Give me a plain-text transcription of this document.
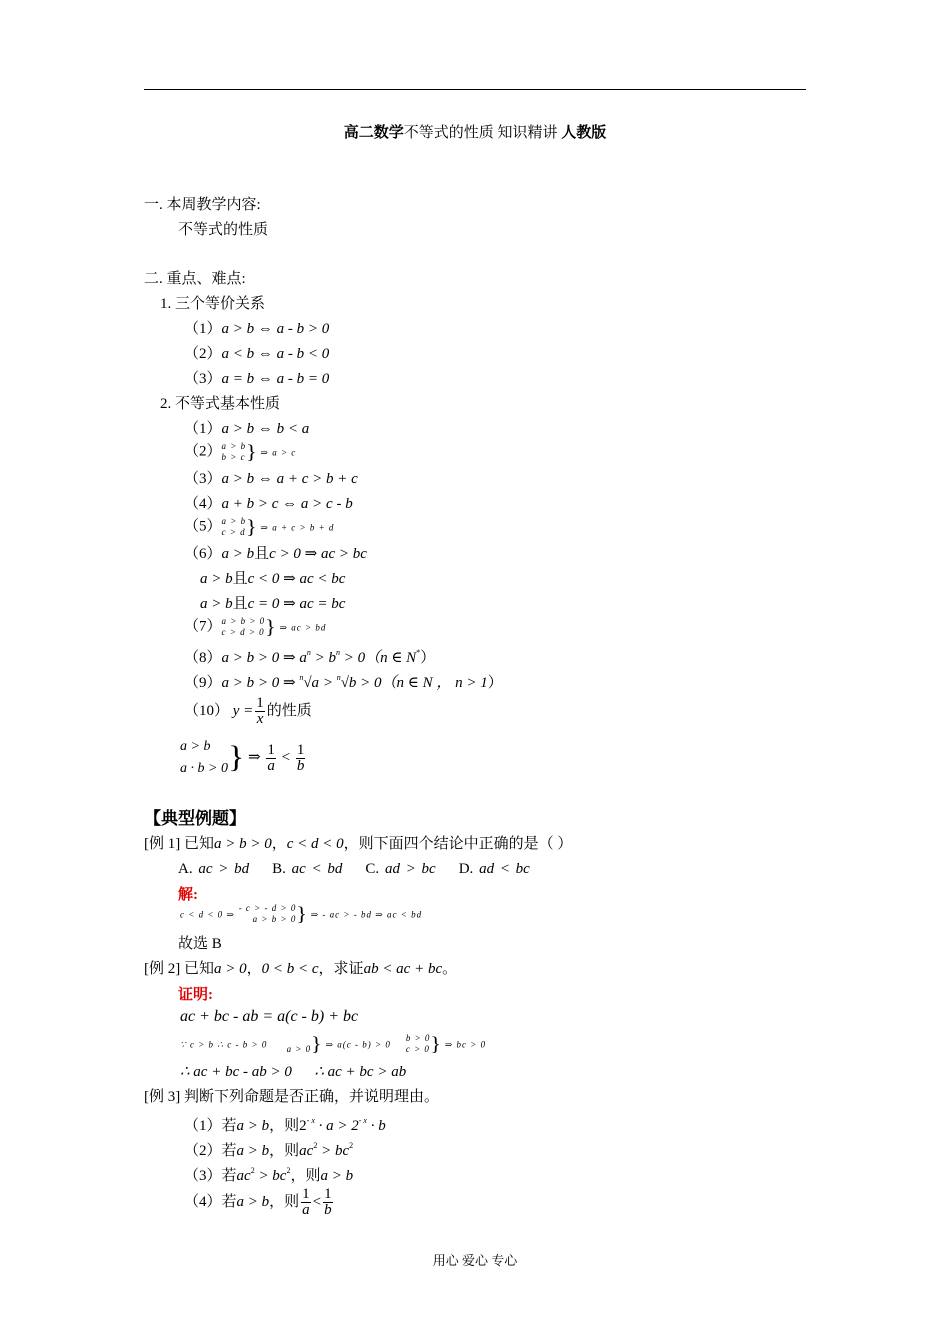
高二数学不等式的性质 知识精讲 人教版
一. 本周教学内容:
不等式的性质
二. 重点、难点:
1. 三个等价关系
（1）a > b ⇔ a - b > 0
（2）a < b ⇔ a - b < 0
（3）a = b ⇔ a - b = 0
2. 不等式基本性质
（1）a > b ⇔ b < a
（2） a > b
b > c } ⇒ a > c
（3）a > b ⇔ a + c > b + c
（4）a + b > c ⇔ a > c - b
（5） a > b
c > d } ⇒ a + c > b + d
（6）a > b且c > 0 ⇒ ac > bc
a > b且c < 0 ⇒ ac < bc
a > b且c = 0 ⇒ ac = bc
（7） a > b > 0
c > d > 0 } ⇒ ac > bd
（8）a > b > 0 ⇒ $a^n > b^n > 0(n$ ∈ N*）
（9）a > b > 0 ⇒ $^n$√a > $^n$√b > 0（n ∈ N ， n > 1）
（10） $y = \frac{1}{x}$ 的性质
a > b
a · b > 0 } ⇒ $\frac{1}{a} < \frac{1}{b}$
【典型例题】
[例 1] 已知a > b > 0，c < d < 0，则下面四个结论中正确的是（ ）
A. ac > bd B. ac < bd C. ad > bc D. ad < bc
解:
c < d < 0 ⇒
- c > - d > 0
a > b > 0 } ⇒ - ac > - bd ⇒ ac < bd
故选 B
[例 2] 已知a > 0，0 < b < c，求证ab < ac + bc。
证明:
ac + bc - ab = a(c - b) + bc
∵ c > b ∴ c - b > 0	a > 0 } ⇒ a(c - b) > 0
b > 0
c > 0 } ⇒ bc > 0
∴ ac + bc - ab > 0 ∴ ac + bc > ab
[例 3] 判断下列命题是否正确，并说明理由。
（1）若a > b，则$2^{- x} \cdot a > 2^{- x} \cdot b$
（2）若a > b，则$ac^2 > bc^2$
（3）若$ac^2 > bc^2$，则a > b
（4）若a > b，则 $\frac{1}{a} < \frac{1}{b}$
用心 爱心 专心
